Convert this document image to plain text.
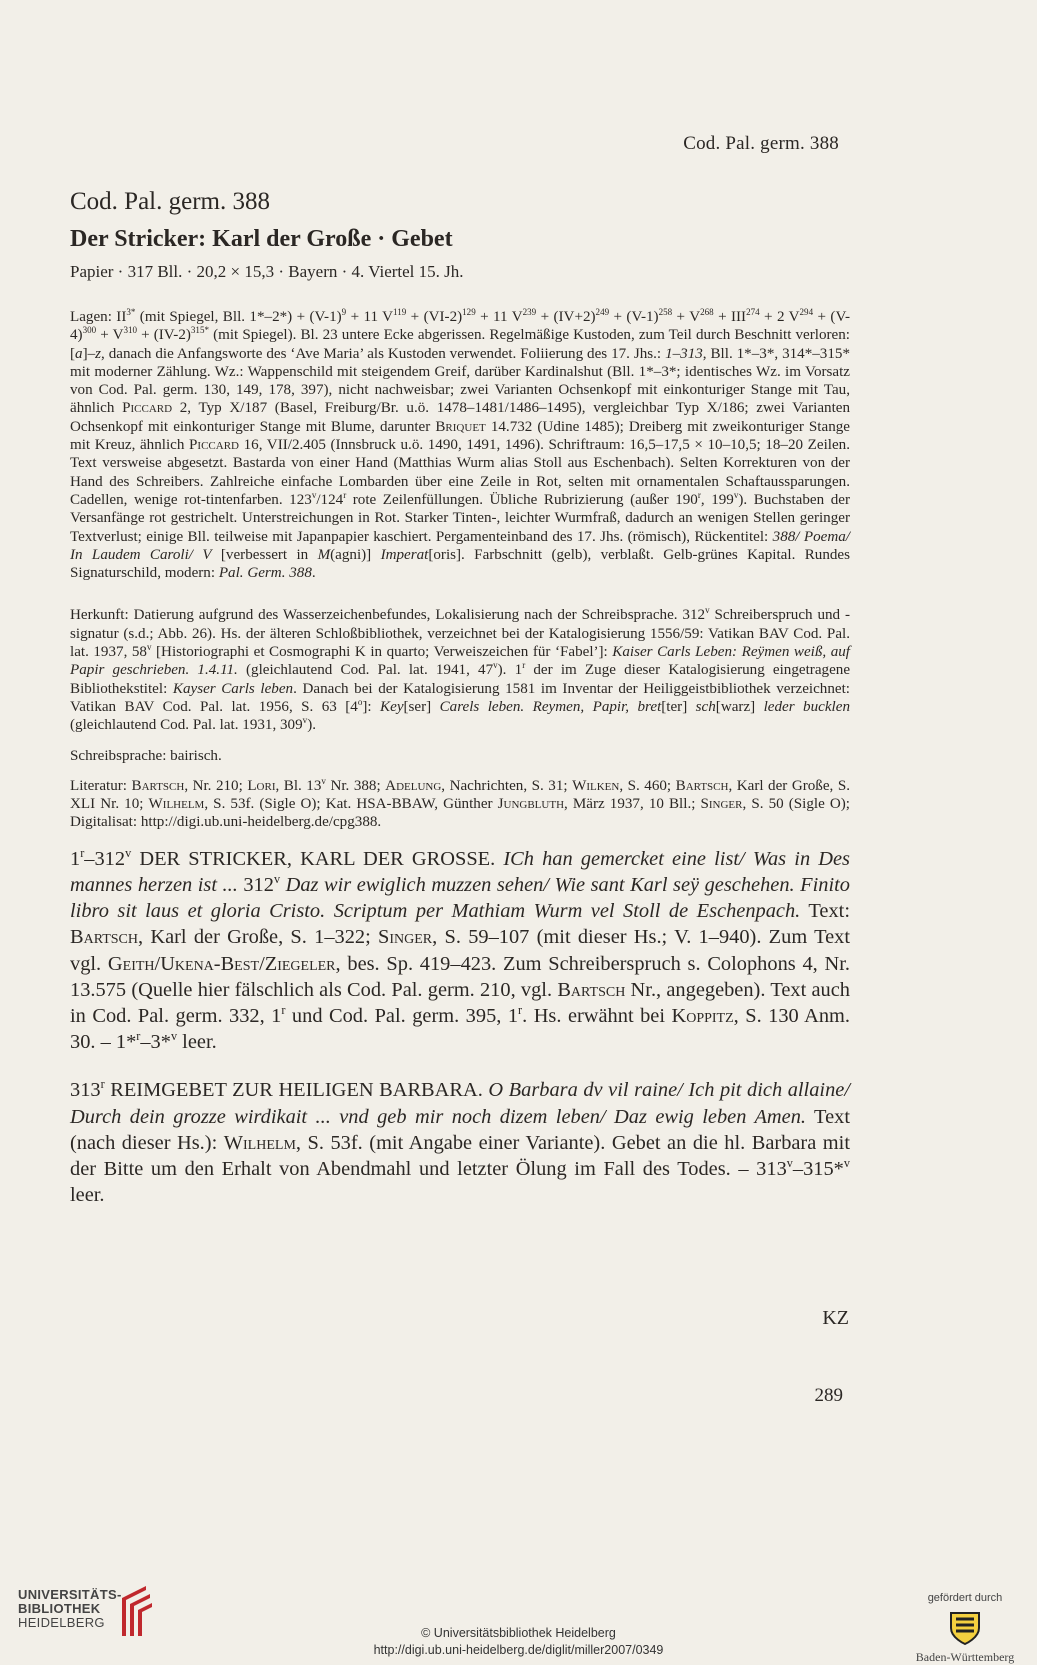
Cod. Pal. germ. 388
Cod. Pal. germ. 388
Der Stricker: Karl der Große · Gebet
Papier · 317 Bll. · 20,2 × 15,3 · Bayern · 4. Viertel 15. Jh.

Lagen: $II^{3*}$ (mit Spiegel, Bll. $1*-2*) + (V-1)^9 + 11$ $V^{119} + (VI-2)^{129} + 11$ $V^{239} + (IV+2)^{249} + (V-1)^{258} + V^{268} + III^{274} + 2$ $V^{294} + (V-4)^{300} + V^{310} + (IV-2)^{315*}$ (mit Spiegel). Bl. 23 untere Ecke abgerissen. Regelmäßige Kustoden, zum Teil durch Beschnitt verloren: [a]–z, danach die Anfangsworte des ‘Ave Maria’ als Kustoden verwendet. Foliierung des 17. Jhs.: 1–313, Bll. 1*–3*, 314*–315* mit moderner Zählung. Wz.: Wappenschild mit steigendem Greif, darüber Kardinalshut (Bll. 1*–3*; identisches Wz. im Vorsatz von Cod. Pal. germ. 130, 149, 178, 397), nicht nachweisbar; zwei Varianten Ochsenkopf mit einkonturiger Stange mit Tau, ähnlich Piccard 2, Typ X/187 (Basel, Freiburg/Br. u.ö. 1478–1481/1486–1495), vergleichbar Typ X/186; zwei Varianten Ochsenkopf mit einkonturiger Stange mit Blume, darunter Briquet 14.732 (Udine 1485); Dreiberg mit zweikonturiger Stange mit Kreuz, ähnlich Piccard 16, VII/2.405 (Innsbruck u.ö. 1490, 1491, 1496). Schriftraum: 16,5–17,5 × 10–10,5; 18–20 Zeilen. Text versweise abgesetzt. Bastarda von einer Hand (Matthias Wurm alias Stoll aus Eschenbach). Selten Korrekturen von der Hand des Schreibers. Zahlreiche einfache Lombarden über eine Zeile in Rot, selten mit ornamentalen Schaftaussparungen. Cadellen, wenige rot-tintenfarben. 123$^v$/124$^r$ rote Zeilenfüllungen. Übliche Rubrizierung (außer 190$^r$, 199$^v$). Buchstaben der Versanfänge rot gestrichelt. Unterstreichungen in Rot. Starker Tinten-, leichter Wurmfraß, dadurch an wenigen Stellen geringer Textverlust; einige Bll. teilweise mit Japanpapier kaschiert. Pergamenteinband des 17. Jhs. (römisch), Rückentitel: 388/ Poema/ In Laudem Caroli/ V [verbessert in M(agni)] Imperat[oris]. Farbschnitt (gelb), verblaßt. Gelb-grünes Kapital. Rundes Signaturschild, modern: Pal. Germ. 388.

Herkunft: Datierung aufgrund des Wasserzeichenbefundes, Lokalisierung nach der Schreibsprache. 312$^v$ Schreiberspruch und -signatur (s.d.; Abb. 26). Hs. der älteren Schloßbibliothek, verzeichnet bei der Katalogisierung 1556/59: Vatikan BAV Cod. Pal. lat. 1937, 58$^v$ [Historiographi et Cosmographi K in quarto; Verweiszeichen für ‘Fabel’]: Kaiser Carls Leben: Reÿmen weiß, auf Papir geschrieben. 1.4.11. (gleichlautend Cod. Pal. lat. 1941, 47$^v$). 1$^r$ der im Zuge dieser Katalogisierung eingetragene Bibliothekstitel: Kayser Carls leben. Danach bei der Katalogisierung 1581 im Inventar der Heiliggeistbibliothek verzeichnet: Vatikan BAV Cod. Pal. lat. 1956, S. 63 [4$^o$]: Key[ser] Carels leben. Reymen, Papir, bret[ter] sch[warz] leder bucklen (gleichlautend Cod. Pal. lat. 1931, 309$^v$).

Schreibsprache: bairisch.

Literatur: Bartsch, Nr. 210; Lori, Bl. 13$^v$ Nr. 388; Adelung, Nachrichten, S. 31; Wilken, S. 460; Bartsch, Karl der Große, S. XLI Nr. 10; Wilhelm, S. 53f. (Sigle O); Kat. HSA-BBAW, Günther Jungbluth, März 1937, 10 Bll.; Singer, S. 50 (Sigle O); Digitalisat: http://digi.ub.uni-heidelberg.de/cpg388.

1$^r$–312$^v$ DER STRICKER, KARL DER GROSSE. ICh han gemercket eine list/ Was in Des mannes herzen ist ... 312$^v$ Daz wir ewiglich muzzen sehen/ Wie sant Karl seÿ geschehen. Finito libro sit laus et gloria Cristo. Scriptum per Mathiam Wurm vel Stoll de Eschenpach. Text: Bartsch, Karl der Große, S. 1–322; Singer, S. 59–107 (mit dieser Hs.; V. 1–940). Zum Text vgl. Geith/Ukena-Best/Ziegeler, bes. Sp. 419–423. Zum Schreiberspruch s. Colophons 4, Nr. 13.575 (Quelle hier fälschlich als Cod. Pal. germ. 210, vgl. Bartsch Nr., angegeben). Text auch in Cod. Pal. germ. 332, 1$^r$ und Cod. Pal. germ. 395, 1$^r$. Hs. erwähnt bei Koppitz, S. 130 Anm. 30. – 1*$^r$–3*$^v$ leer.

313$^r$ REIMGEBET ZUR HEILIGEN BARBARA. O Barbara dv vil raine/ Ich pit dich allaine/ Durch dein grozze wirdikait ... vnd geb mir noch dizem leben/ Daz ewig leben Amen. Text (nach dieser Hs.): Wilhelm, S. 53f. (mit Angabe einer Variante). Gebet an die hl. Barbara mit der Bitte um den Erhalt von Abendmahl und letzter Ölung im Fall des Todes. – 313$^v$–315*$^v$ leer.

KZ
289
UNIVERSITÄTS-
BIBLIOTHEK
HEIDELBERG
© Universitätsbibliothek Heidelberg
http://digi.ub.uni-heidelberg.de/diglit/miller2007/0349
gefördert durch
Baden-Württemberg
